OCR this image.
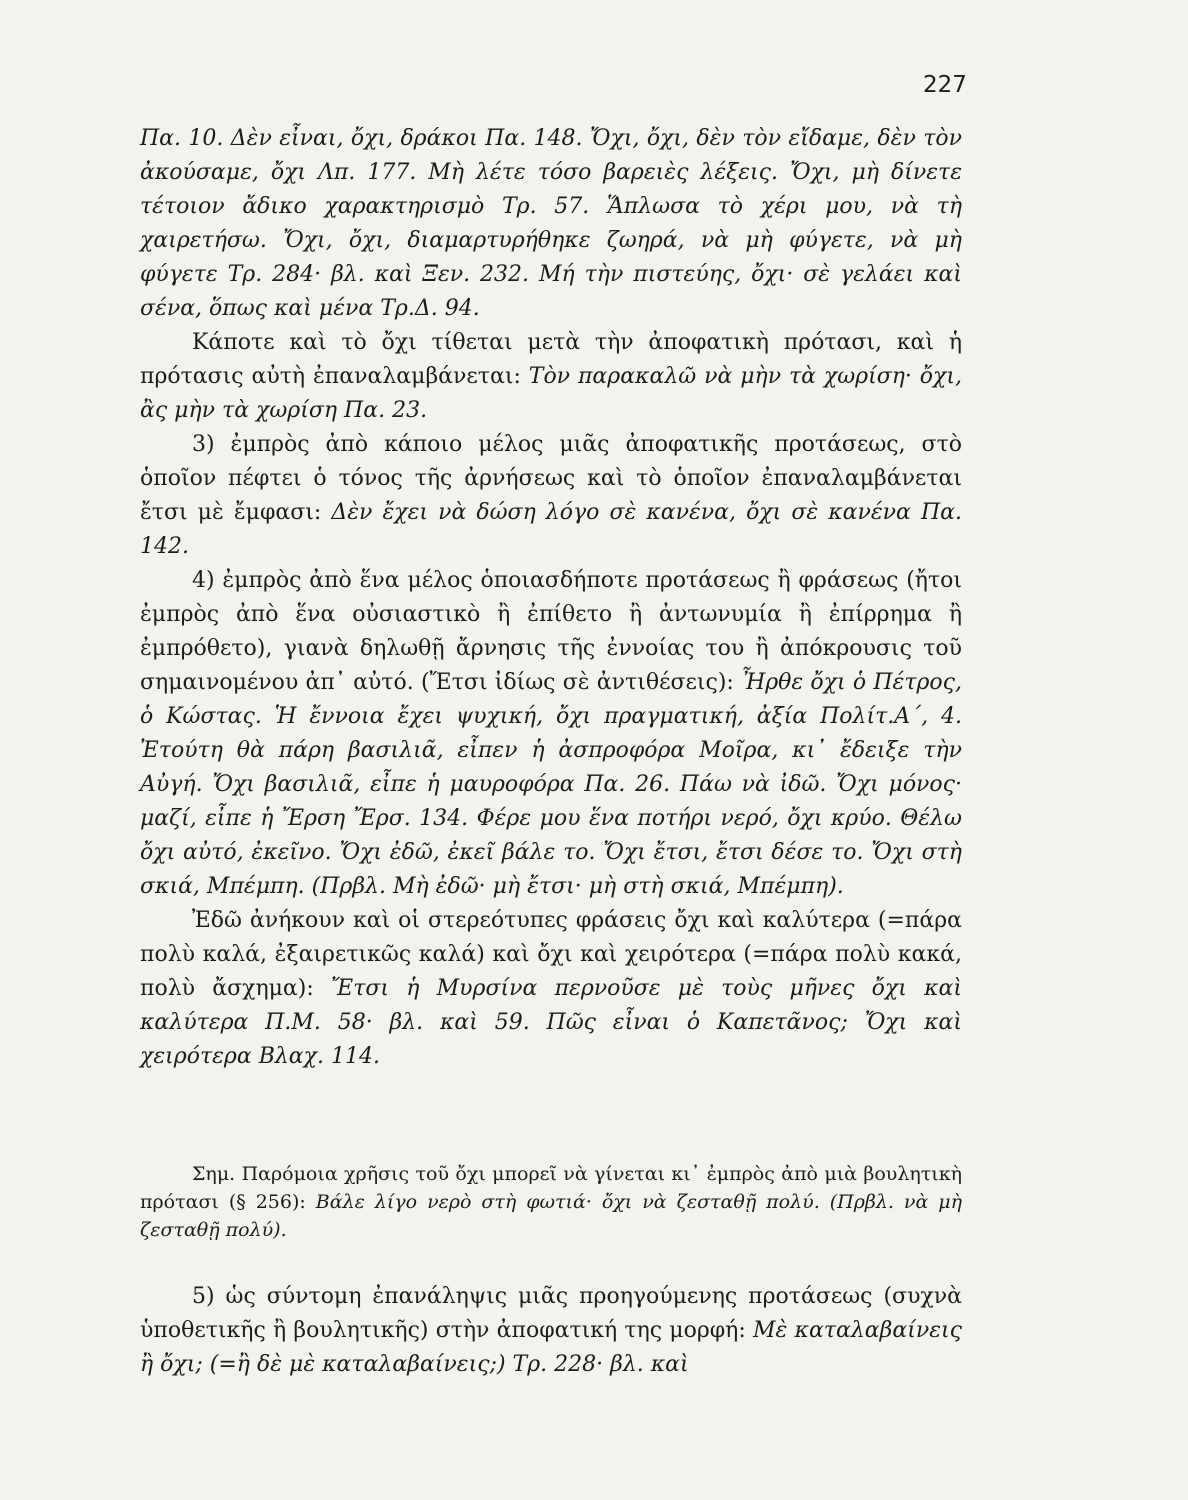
227
Πα. 10. Δὲν εἶναι, ὄχι, δράκοι Πα. 148. Ὄχι, ὄχι, δὲν τὸν εἴδαμε, δὲν τὸν ἀκούσαμε, ὄχι Λπ. 177. Μὴ λέτε τόσο βαρειὲς λέξεις. Ὄχι, μὴ δίνετε τέτοιον ἄδικο χαρακτηρισμὸ Τρ. 57. Ἅπλωσα τὸ χέρι μου, νὰ τὴ χαιρετήσω. Ὄχι, ὄχι, διαμαρτυρήθηκε ζωηρά, νὰ μὴ φύγετε, νὰ μὴ φύγετε Τρ. 284· βλ. καὶ Ξεν. 232. Μή τὴν πιστεύης, ὄχι· σὲ γελάει καὶ σένα, ὅπως καὶ μένα Τρ.Δ. 94.
Κάποτε καὶ τὸ ὄχι τίθεται μετὰ τὴν ἀποφατικὴ πρότασι, καὶ ἡ πρότασις αὐτὴ ἐπαναλαμβάνεται: Τὸν παρακαλῶ νὰ μὴν τὰ χωρίση· ὄχι, ἂς μὴν τὰ χωρίση Πα. 23.
3) ἐμπρὸς ἀπὸ κάποιο μέλος μιᾶς ἀποφατικῆς προτάσεως, στὸ ὁποῖον πέφτει ὁ τόνος τῆς ἀρνήσεως καὶ τὸ ὁποῖον ἐπαναλαμβάνεται ἔτσι μὲ ἔμφασι: Δὲν ἔχει νὰ δώση λόγο σὲ κανένα, ὄχι σὲ κανένα Πα. 142.
4) ἐμπρὸς ἀπὸ ἕνα μέλος ὁποιασδήποτε προτάσεως ἢ φράσεως (ἤτοι ἐμπρὸς ἀπὸ ἕνα οὐσιαστικὸ ἢ ἐπίθετο ἢ ἀντωνυμία ἢ ἐπίρρημα ἢ ἐμπρόθετο), γιανὰ δηλωθῇ ἄρνησις τῆς ἐννοίας του ἢ ἀπόκρουσις τοῦ σημαινομένου ἀπ᾿ αὐτό. (Ἔτσι ἰδίως σὲ ἀντιθέσεις): Ἦρθε ὄχι ὁ Πέτρος, ὁ Κώστας. Ἡ ἔννοια ἔχει ψυχική, ὄχι πραγματική, ἀξία Πολίτ.Α΄, 4. Ἐτούτη θὰ πάρη βασιλιᾶ, εἶπεν ἡ ἀσπροφόρα Μοῖρα, κι᾿ ἔδειξε τὴν Αὐγή. Ὄχι βασιλιᾶ, εἶπε ἡ μαυροφόρα Πα. 26. Πάω νὰ ἰδῶ. Ὄχι μόνος· μαζί, εἶπε ἡ Ἔρση Ἔρσ. 134. Φέρε μου ἕνα ποτήρι νερό, ὄχι κρύο. Θέλω ὄχι αὐτό, ἐκεῖνο. Ὄχι ἐδῶ, ἐκεῖ βάλε το. Ὄχι ἔτσι, ἔτσι δέσε το. Ὄχι στὴ σκιά, Μπέμπη. (Πρβλ. Μὴ ἐδῶ· μὴ ἔτσι· μὴ στὴ σκιά, Μπέμπη).
Ἐδῶ ἀνήκουν καὶ οἱ στερεότυπες φράσεις ὄχι καὶ καλύτερα (=πάρα πολὺ καλά, ἐξαιρετικῶς καλά) καὶ ὄχι καὶ χειρότερα (=πάρα πολὺ κακά, πολὺ ἄσχημα): Ἔτσι ἡ Μυρσίνα περνοῦσε μὲ τοὺς μῆνες ὄχι καὶ καλύτερα Π.Μ. 58· βλ. καὶ 59. Πῶς εἶναι ὁ Καπετᾶνος; Ὄχι καὶ χειρότερα Βλαχ. 114.
Σημ. Παρόμοια χρῆσις τοῦ ὄχι μπορεῖ νὰ γίνεται κι᾿ ἐμπρὸς ἀπὸ μιὰ βουλητικὴ πρότασι (§ 256): Βάλε λίγο νερὸ στὴ φωτιά· ὄχι νὰ ζεσταθῇ πολύ. (Πρβλ. νὰ μὴ ζεσταθῇ πολύ).
5) ὡς σύντομη ἐπανάληψις μιᾶς προηγούμενης προτάσεως (συχνὰ ὑποθετικῆς ἢ βουλητικῆς) στὴν ἀποφατική της μορφή: Μὲ καταλαβαίνεις ἢ ὄχι; (=ἢ δὲ μὲ καταλαβαίνεις;) Τρ. 228· βλ. καὶ
